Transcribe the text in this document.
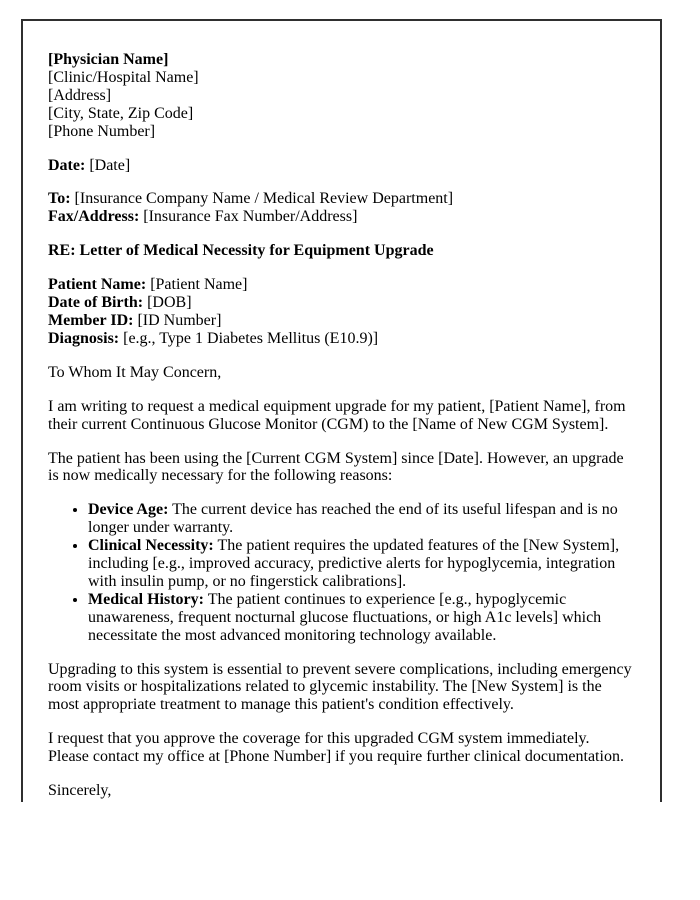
[Physician Name]
[Clinic/Hospital Name]
[Address]
[City, State, Zip Code]
[Phone Number]

Date: [Date]

To: [Insurance Company Name / Medical Review Department]
Fax/Address: [Insurance Fax Number/Address]

RE: Letter of Medical Necessity for Equipment Upgrade

Patient Name: [Patient Name]
Date of Birth: [DOB]
Member ID: [ID Number]
Diagnosis: [e.g., Type 1 Diabetes Mellitus (E10.9)]

To Whom It May Concern,

I am writing to request a medical equipment upgrade for my patient, [Patient Name], from their current Continuous Glucose Monitor (CGM) to the [Name of New CGM System].

The patient has been using the [Current CGM System] since [Date]. However, an upgrade is now medically necessary for the following reasons:

• Device Age: The current device has reached the end of its useful lifespan and is no longer under warranty.
• Clinical Necessity: The patient requires the updated features of the [New System], including [e.g., improved accuracy, predictive alerts for hypoglycemia, integration with insulin pump, or no fingerstick calibrations].
• Medical History: The patient continues to experience [e.g., hypoglycemic unawareness, frequent nocturnal glucose fluctuations, or high A1c levels] which necessitate the most advanced monitoring technology available.

Upgrading to this system is essential to prevent severe complications, including emergency room visits or hospitalizations related to glycemic instability. The [New System] is the most appropriate treatment to manage this patient's condition effectively.

I request that you approve the coverage for this upgraded CGM system immediately. Please contact my office at [Phone Number] if you require further clinical documentation.

Sincerely,
